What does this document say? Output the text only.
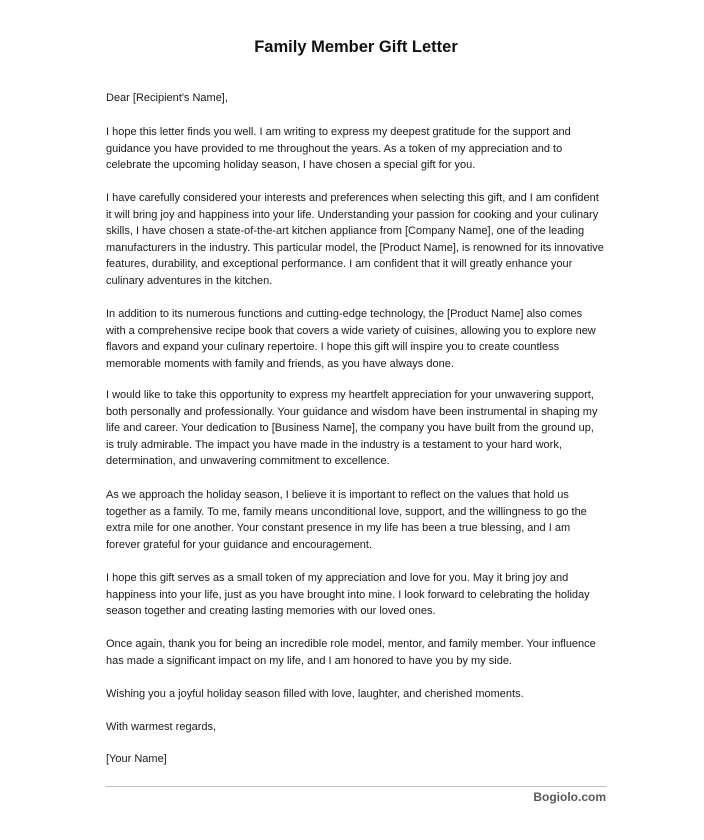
Family Member Gift Letter

Dear [Recipient's Name],

I hope this letter finds you well. I am writing to express my deepest gratitude for the support and guidance you have provided to me throughout the years. As a token of my appreciation and to celebrate the upcoming holiday season, I have chosen a special gift for you.

I have carefully considered your interests and preferences when selecting this gift, and I am confident it will bring joy and happiness into your life. Understanding your passion for cooking and your culinary skills, I have chosen a state-of-the-art kitchen appliance from [Company Name], one of the leading manufacturers in the industry. This particular model, the [Product Name], is renowned for its innovative features, durability, and exceptional performance. I am confident that it will greatly enhance your culinary adventures in the kitchen.

In addition to its numerous functions and cutting-edge technology, the [Product Name] also comes with a comprehensive recipe book that covers a wide variety of cuisines, allowing you to explore new flavors and expand your culinary repertoire. I hope this gift will inspire you to create countless memorable moments with family and friends, as you have always done.

I would like to take this opportunity to express my heartfelt appreciation for your unwavering support, both personally and professionally. Your guidance and wisdom have been instrumental in shaping my life and career. Your dedication to [Business Name], the company you have built from the ground up, is truly admirable. The impact you have made in the industry is a testament to your hard work, determination, and unwavering commitment to excellence.

As we approach the holiday season, I believe it is important to reflect on the values that hold us together as a family. To me, family means unconditional love, support, and the willingness to go the extra mile for one another. Your constant presence in my life has been a true blessing, and I am forever grateful for your guidance and encouragement.

I hope this gift serves as a small token of my appreciation and love for you. May it bring joy and happiness into your life, just as you have brought into mine. I look forward to celebrating the holiday season together and creating lasting memories with our loved ones.

Once again, thank you for being an incredible role model, mentor, and family member. Your influence has made a significant impact on my life, and I am honored to have you by my side.

Wishing you a joyful holiday season filled with love, laughter, and cherished moments.

With warmest regards,

[Your Name]

Bogiolo.com
